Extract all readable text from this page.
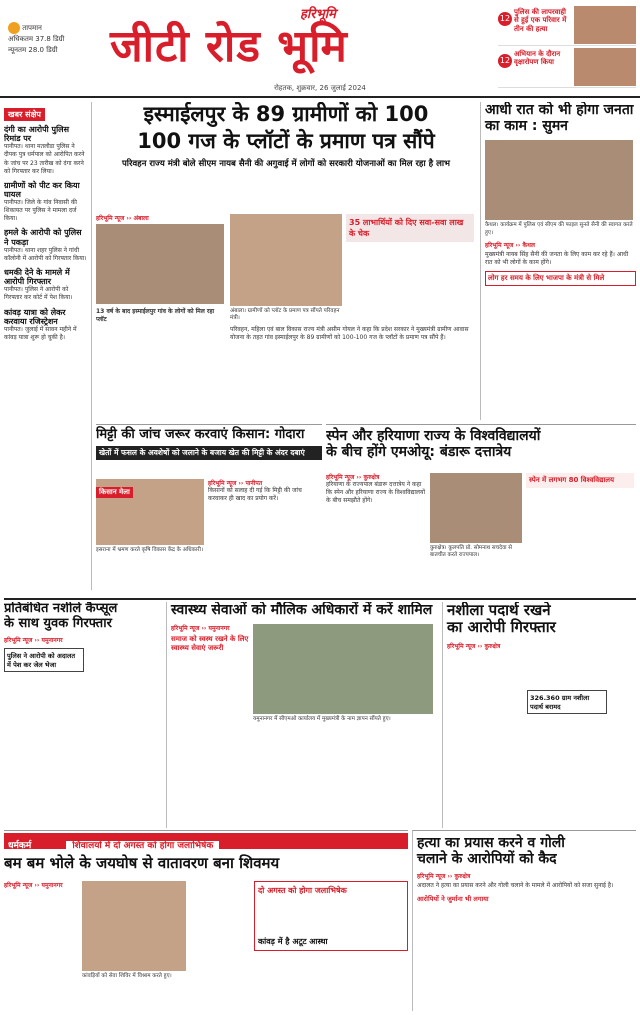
तापमान
अधिकतम 37.8 डिग्री
न्यूनतम 28.0 डिग्री
हरिभूमि
जीटी रोड भूमि
रोहतक, शुक्रवार, 26 जुलाई 2024
12
पुलिस की लापरवाही से हुई एक परिवार में तीन की हत्या
12
अभियान के दौरान वृक्षारोपण किया
खबर संक्षेप
दंगी का आरोपी पुलिस रिमांड पर
पानीपत। थाना मतलौडा पुलिस ने दीपक पुत्र धर्मपाल को आरोपित करने के जांच पर 23 तारीख को दंगा करने को गिरफ्तार कर लिया।
ग्रामीणों को पीट कर किया घायल
पानीपत। जिले के गांव निवासी की शिकायत पर पुलिस ने मामला दर्ज किया।
हमले के आरोपी को पुलिस ने पकड़ा
पानीपत। थाना शहर पुलिस ने गांधी कॉलोनी में आरोपी को गिरफ्तार किया।
धमकी देने के मामले में आरोपी गिरफ्तार
पानीपत। पुलिस ने आरोपी को गिरफ्तार कर कोर्ट में पेश किया।
कांवड़ यात्रा को लेकर करवाया रजिस्ट्रेशन
पानीपत। जुलाई में सावन महीने में कांवड़ यात्रा शुरू हो चुकी है।
इस्माईलपुर के 89 ग्रामीणों को 100
100 गज के प्लॉटों के प्रमाण पत्र सौंपे
परिवहन राज्य मंत्री बोले सीएम नायब सैनी की अगुवाई में लोगों को सरकारी योजनाओं का मिल रहा है लाभ
हरिभूमि न्यूज ›› अंबाला
13 वर्ष के बाद इस्माईलपुर गांव के लोगों को मिल रहा प्लॉट
अंबाला। ग्रामीणों को प्लॉट के प्रमाण पत्र सौंपते परिवहन मंत्री।
35 लाभार्थियों को दिए सवा-सवा लाख के चेक
परिवहन, महिला एवं बाल विकास राज्य मंत्री असीम गोयल ने कहा कि प्रदेश सरकार ने मुख्यमंत्री ग्रामीण आवास योजना के तहत गांव इस्माईलपुर के 89 ग्रामीणों को 100-100 गज के प्लॉटों के प्रमाण पत्र सौंपे हैं।
आधी रात को भी होगा जनता का काम : सुमन
कैथल। कार्यक्रम में पुलिस एवं सीएम की फाइल सुनते सैनी की स्वागत करते हुए।
हरिभूमि न्यूज ›› कैथल
मुख्यमंत्री नायब सिंह सैनी की जनता के लिए काम कर रहे हैं। आधी रात को भी लोगों के काम होंगे।
लोग हर समय के लिए भाजपा के मंत्री से मिले
मिट्टी की जांच जरूर करवाएं किसान: गोदारा
खेतों में फसल के अवशेषों को जलाने के बजाय खेत की मिट्टी के अंदर दबाएं
किसान मेला
इसराना में भ्रमण करते कृषि विकास केंद्र के अधिकारी।
हरिभूमि न्यूज ›› पानीपत
किसानों को सलाह दी गई कि मिट्टी की जांच करवाकर ही खाद का प्रयोग करें।
स्पेन और हरियाणा राज्य के विश्वविद्यालयों
के बीच होंगे एमओयू: बंडारू दत्तात्रेय
हरिभूमि न्यूज ›› कुरुक्षेत्र
हरियाणा के राज्यपाल बंडारू दत्तात्रेय ने कहा कि स्पेन और हरियाणा राज्य के विश्वविद्यालयों के बीच समझौते होंगे।
कुरुक्षेत्र। कुलपति प्रो. सोमनाथ सचदेवा से बातचीत करते राज्यपाल।
स्पेन में लगभग 80 विश्वविद्यालय
प्रतिबंधित नशीले कैप्सूल
के साथ युवक गिरफ्तार
हरिभूमि न्यूज ›› यमुनानगर
पुलिस ने आरोपी को अदालत में पेश कर जेल भेजा
स्वास्थ्य सेवाओं को मौलिक अधिकारों में करें शामिल
हरिभूमि न्यूज ›› यमुनानगर
समाज को स्वस्थ रखने के लिए स्वास्थ्य सेवाएं जरूरी
यमुनानगर में सीएमओ कार्यालय में मुख्यमंत्री के नाम ज्ञापन सौंपते हुए।
नशीला पदार्थ रखने
का आरोपी गिरफ्तार
हरिभूमि न्यूज ›› कुरुक्षेत्र
326.360 ग्राम नशीला पदार्थ बरामद
धर्मकर्म	शिवालयों में दो अगस्त को होगा जलाभिषेक
बम बम भोले के जयघोष से वातावरण बना शिवमय
हरिभूमि न्यूज ›› यमुनानगर
कांवड़ियों को सेवा शिविर में विश्राम करते हुए।
दो अगस्त को होगा जलाभिषेक
कांवड़ में है अटूट आस्था
हत्या का प्रयास करने व गोली
चलाने के आरोपियों को कैद
हरिभूमि न्यूज ›› कुरुक्षेत्र
अदालत ने हत्या का प्रयास करने और गोली चलाने के मामले में आरोपियों को सजा सुनाई है।
आरोपियों ने जुर्माना भी लगाया
